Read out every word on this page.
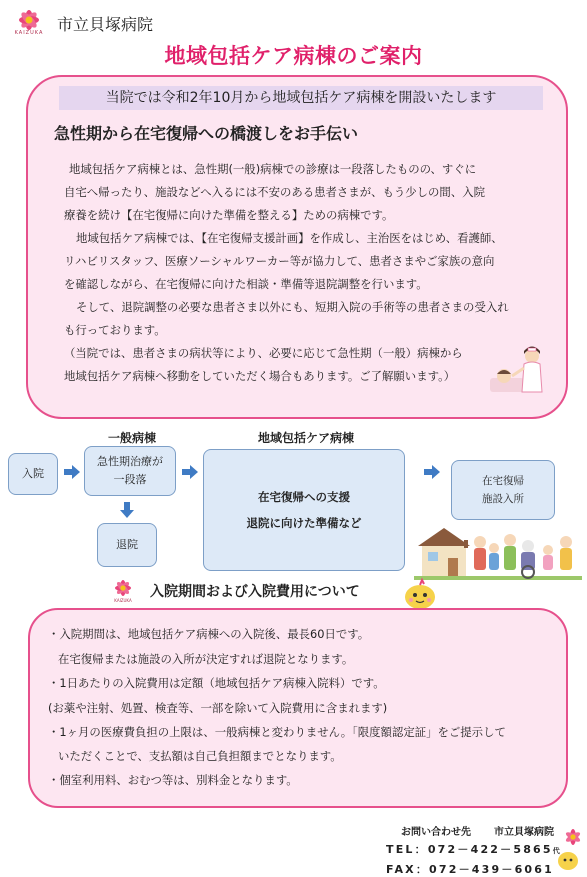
KAIZUKA 市立貝塚病院
地域包括ケア病棟のご案内
当院では令和2年10月から地域包括ケア病棟を開設いたします
急性期から在宅復帰への橋渡しをお手伝い
地域包括ケア病棟とは、急性期(一般)病棟での診療は一段落したものの、すぐに
自宅へ帰ったり、施設などへ入るには不安のある患者さまが、もう少しの間、入院
療養を続け【在宅復帰に向けた準備を整える】ための病棟です。
地域包括ケア病棟では、【在宅復帰支援計画】を作成し、主治医をはじめ、看護師、
リハビリスタッフ、医療ソーシャルワーカー等が協力して、患者さまやご家族の意向
を確認しながら、在宅復帰に向けた相談・準備等退院調整を行います。
そして、退院調整の必要な患者さま以外にも、短期入院の手術等の患者さまの受入れ
も行っております。
（当院では、患者さまの病状等により、必要に応じて急性期（一般）病棟から
地域包括ケア病棟へ移動をしていただく場合もあります。ご了解願います。）
一般病棟	地域包括ケア病棟
入院
急性期治療が
一段落
退院
在宅復帰への支援
退院に向けた準備など
在宅復帰
施設入所
KAIZUKA
入院期間および入院費用について
・入院期間は、地域包括ケア病棟への入院後、最長60日です。
在宅復帰または施設の入所が決定すれば退院となります。
・1日あたりの入院費用は定額（地域包括ケア病棟入院料）です。
(お薬や注射、処置、検査等、一部を除いて入院費用に含まれます)
・1ヶ月の医療費負担の上限は、一般病棟と変わりません。「限度額認定証」をご提示して
いただくことで、支払額は自己負担額までとなります。
・個室利用料、おむつ等は、別料金となります。
お問い合わせ先 市立貝塚病院
TEL：072－422－5865代
FAX：072－439－6061
